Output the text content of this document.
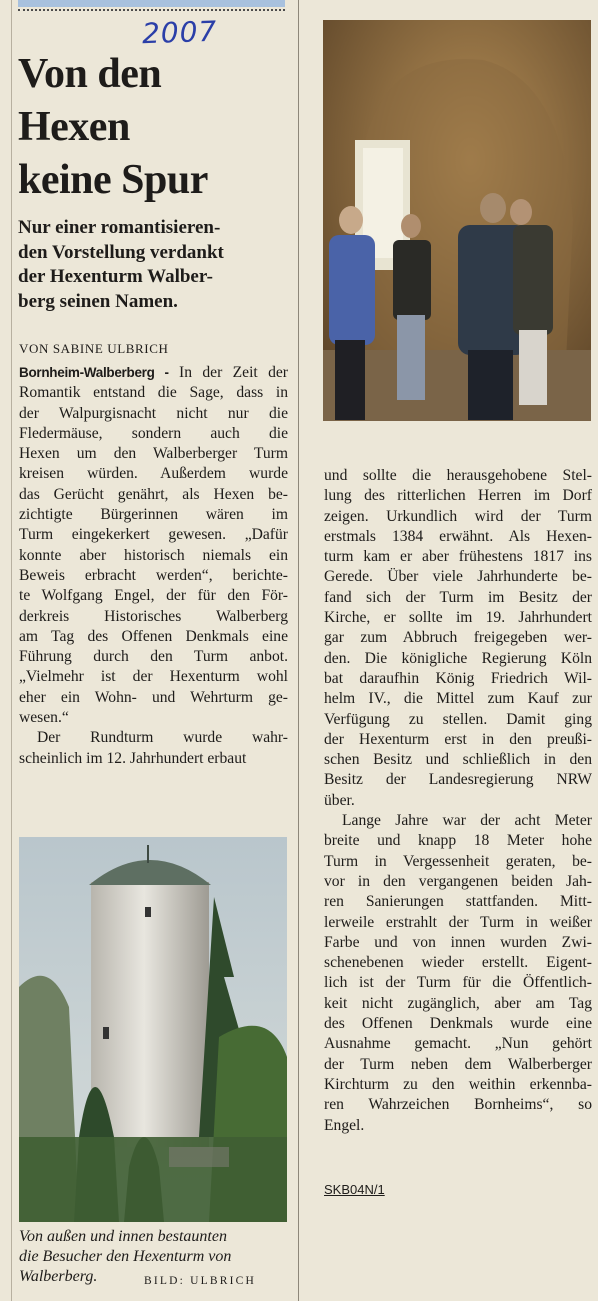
2007
Von den
Hexen
keine Spur
Nur einer romantisieren-
den Vorstellung verdankt
der Hexenturm Walber-
berg seinen Namen.
VON SABINE ULBRICH
Bornheim-Walberberg - In der Zeit der
Romantik entstand die Sage, dass in
der Walpurgisnacht nicht nur die
Fledermäuse, sondern auch die
Hexen um den Walberberger Turm
kreisen würden. Außerdem wurde
das Gerücht genährt, als Hexen be-
zichtigte Bürgerinnen wären im
Turm eingekerkert gewesen. „Dafür
konnte aber historisch niemals ein
Beweis erbracht werden“, berichte-
te Wolfgang Engel, der für den För-
derkreis Historisches Walberberg
am Tag des Offenen Denkmals eine
Führung durch den Turm anbot.
„Vielmehr ist der Hexenturm wohl
eher ein Wohn- und Wehrturm ge-
wesen.“
Der Rundturm wurde wahr-
scheinlich im 12. Jahrhundert erbaut
Von außen und innen bestaunten
die Besucher den Hexenturm von
Walberberg.	BILD: ULBRICH
und sollte die herausgehobene Stel-
lung des ritterlichen Herren im Dorf
zeigen. Urkundlich wird der Turm
erstmals 1384 erwähnt. Als Hexen-
turm kam er aber frühestens 1817 ins
Gerede. Über viele Jahrhunderte be-
fand sich der Turm im Besitz der
Kirche, er sollte im 19. Jahrhundert
gar zum Abbruch freigegeben wer-
den. Die königliche Regierung Köln
bat daraufhin König Friedrich Wil-
helm IV., die Mittel zum Kauf zur
Verfügung zu stellen. Damit ging
der Hexenturm erst in den preußi-
schen Besitz und schließlich in den
Besitz der Landesregierung NRW
über.
Lange Jahre war der acht Meter
breite und knapp 18 Meter hohe
Turm in Vergessenheit geraten, be-
vor in den vergangenen beiden Jah-
ren Sanierungen stattfanden. Mitt-
lerweile erstrahlt der Turm in weißer
Farbe und von innen wurden Zwi-
schenebenen wieder erstellt. Eigent-
lich ist der Turm für die Öffentlich-
keit nicht zugänglich, aber am Tag
des Offenen Denkmals wurde eine
Ausnahme gemacht. „Nun gehört
der Turm neben dem Walberberger
Kirchturm zu den weithin erkennba-
ren Wahrzeichen Bornheims“, so
Engel.
SKB04N/1
